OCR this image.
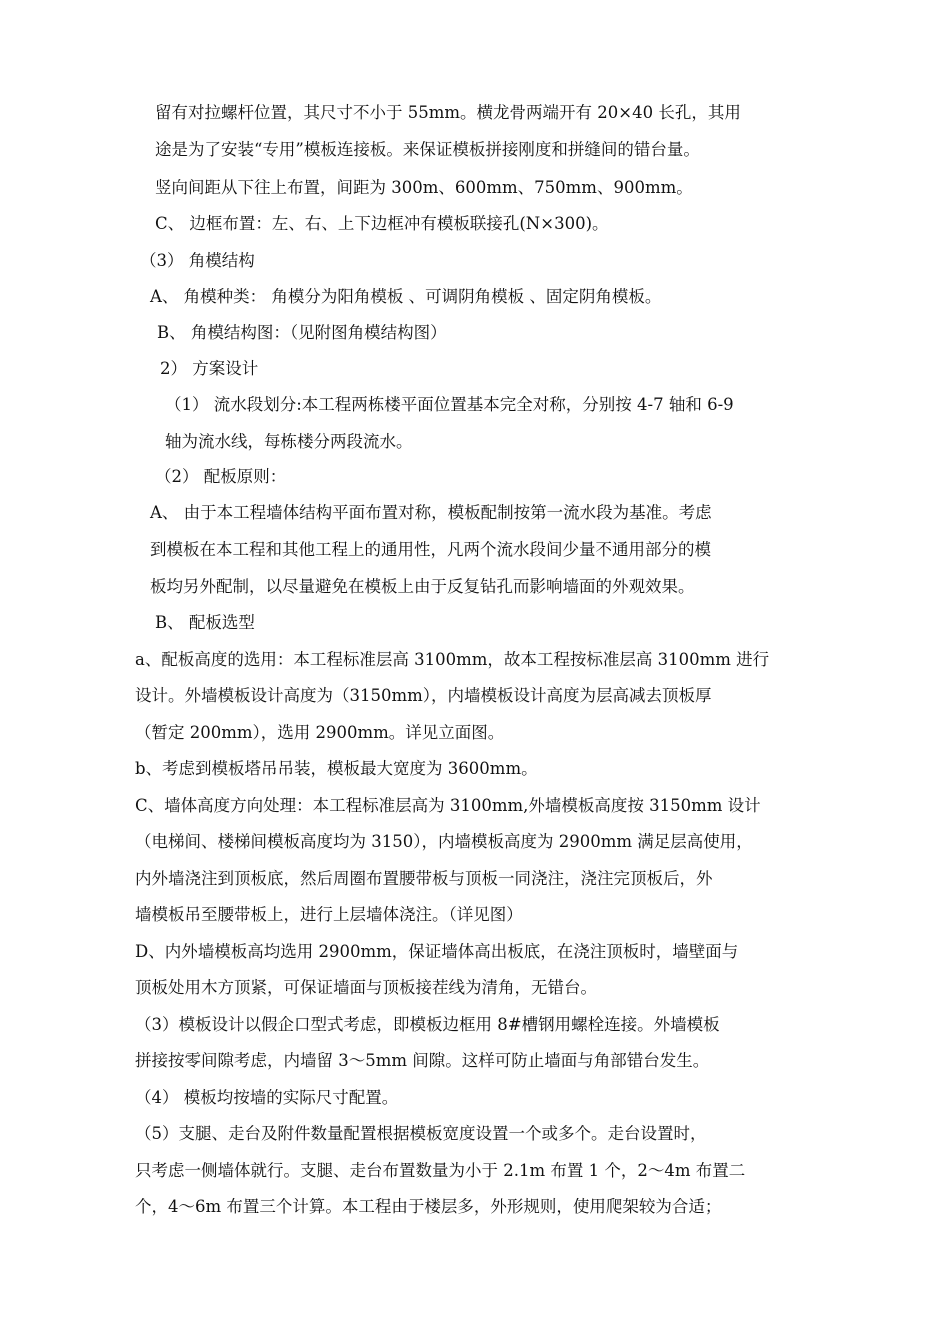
留有对拉螺杆位置，其尺寸不小于 55mm。横龙骨两端开有 20×40 长孔，其用
途是为了安装“专用”模板连接板。来保证模板拼接刚度和拼缝间的错台量。
竖向间距从下往上布置，间距为 300m、600mm、750mm、900mm。
C、 边框布置：左、右、上下边框冲有模板联接孔(N×300)。
（3） 角模结构
A、 角模种类： 角模分为阳角模板 、可调阴角模板 、固定阴角模板。
B、 角模结构图：（见附图角模结构图）
2） 方案设计
（1） 流水段划分:本工程两栋楼平面位置基本完全对称，分别按 4-7 轴和 6-9
轴为流水线，每栋楼分两段流水。
（2） 配板原则：
A、 由于本工程墙体结构平面布置对称，模板配制按第一流水段为基准。考虑
到模板在本工程和其他工程上的通用性，凡两个流水段间少量不通用部分的模
板均另外配制，以尽量避免在模板上由于反复钻孔而影响墙面的外观效果。
B、 配板选型
a、配板高度的选用：本工程标准层高 3100mm，故本工程按标准层高 3100mm 进行
设计。外墙模板设计高度为（3150mm），内墙模板设计高度为层高减去顶板厚
（暂定 200mm），选用 2900mm。详见立面图。
b、考虑到模板塔吊吊装，模板最大宽度为 3600mm。
C、墙体高度方向处理：本工程标准层高为 3100mm,外墙模板高度按 3150mm 设计
（电梯间、楼梯间模板高度均为 3150），内墙模板高度为 2900mm 满足层高使用，
内外墙浇注到顶板底，然后周圈布置腰带板与顶板一同浇注，浇注完顶板后，外
墙模板吊至腰带板上，进行上层墙体浇注。（详见图）
D、内外墙模板高均选用 2900mm，保证墙体高出板底，在浇注顶板时，墙壁面与
顶板处用木方顶紧，可保证墙面与顶板接茬线为清角，无错台。
（3）模板设计以假企口型式考虑，即模板边框用 8#槽钢用螺栓连接。外墙模板
拼接按零间隙考虑，内墙留 3～5mm 间隙。这样可防止墙面与角部错台发生。
（4） 模板均按墙的实际尺寸配置。
（5）支腿、走台及附件数量配置根据模板宽度设置一个或多个。走台设置时，
只考虑一侧墙体就行。支腿、走台布置数量为小于 2.1m 布置 1 个，2～4m 布置二
个，4～6m 布置三个计算。本工程由于楼层多，外形规则，使用爬架较为合适；
